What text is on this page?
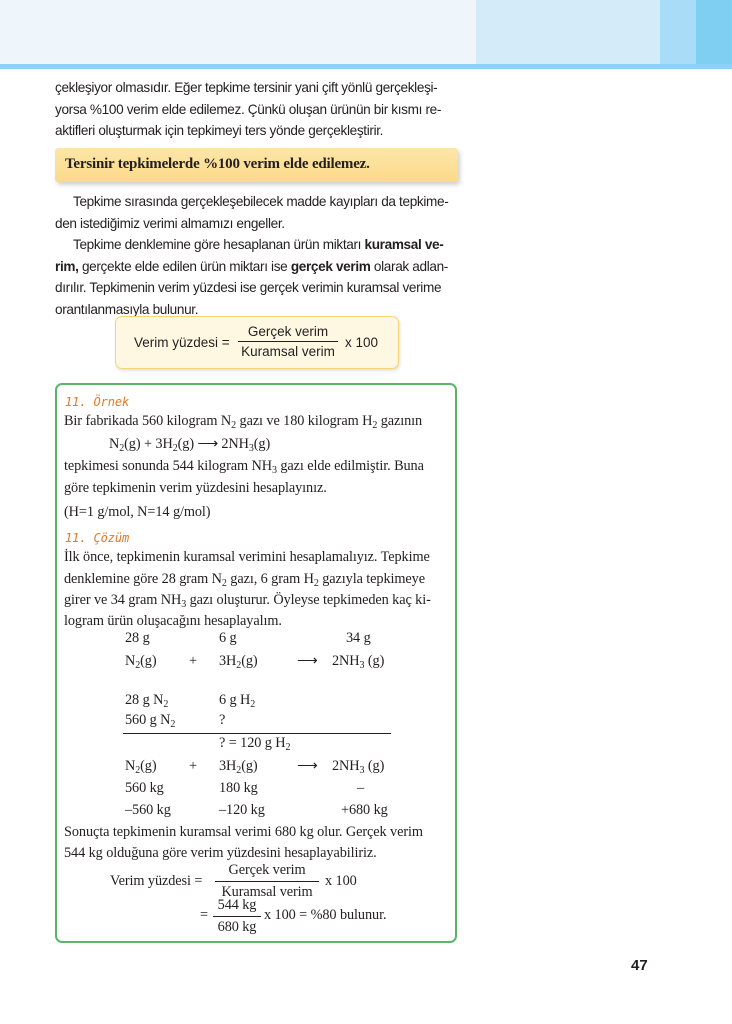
çekleşiyor olmasıdır. Eğer tepkime tersinir yani çift yönlü gerçekleşi-
yorsa %100 verim elde edilemez. Çünkü oluşan ürünün bir kısmı re-
aktifleri oluşturmak için tepkimeyi ters yönde gerçekleştirir.
Tersinir tepkimelerde %100 verim elde edilemez.
Tepkime sırasında gerçekleşebilecek madde kayıpları da tepkime-
den istediğimiz verimi almamızı engeller.
Tepkime denklemine göre hesaplanan ürün miktarı kuramsal ve-
rim, gerçekte elde edilen ürün miktarı ise gerçek verim olarak adlan-
dırılır. Tepkimenin verim yüzdesi ise gerçek verimin kuramsal verime
orantılanmasıyla bulunur.
Verim yüzdesi =
Gerçek verim
Kuramsal verim
x 100
11. Örnek
Bir fabrikada 560 kilogram $N_2$ gazı ve 180 kilogram $H_2$ gazının
$N_2(g) + 3H_2(g)$ ⟶ $2NH_3(g)$
tepkimesi sonunda 544 kilogram $NH_3$ gazı elde edilmiştir. Buna
göre tepkimenin verim yüzdesini hesaplayınız.
(H=1 g/mol, N=14 g/mol)
11. Çözüm
İlk önce, tepkimenin kuramsal verimini hesaplamalıyız. Tepkime
denklemine göre 28 gram $N_2$ gazı, 6 gram $H_2$ gazıyla tepkimeye
girer ve 34 gram $NH_3$ gazı oluşturur. Öyleyse tepkimeden kaç ki-
logram ürün oluşacağını hesaplayalım.
28 g	6 g	34 g
$N_2(g) + 3H_2(g)$	⟶ $2NH_3$ (g)
28 g $N_2$	6 g $H_2$
560 g $N_2$	?
? = 120 g $H_2$
$N_2(g) + 3H_2(g)$	⟶ $2NH_3$ (g)
560 kg	180 kg	–
–560 kg	–120 kg	+680 kg
Sonuçta tepkimenin kuramsal verimi 680 kg olur. Gerçek verim
544 kg olduğuna göre verim yüzdesini hesaplayabiliriz.
Verim yüzdesi =
Gerçek verim
Kuramsal verim
x 100
= $\frac{544 kg}{680 kg}$ x 100 = %80 bulunur.
47
